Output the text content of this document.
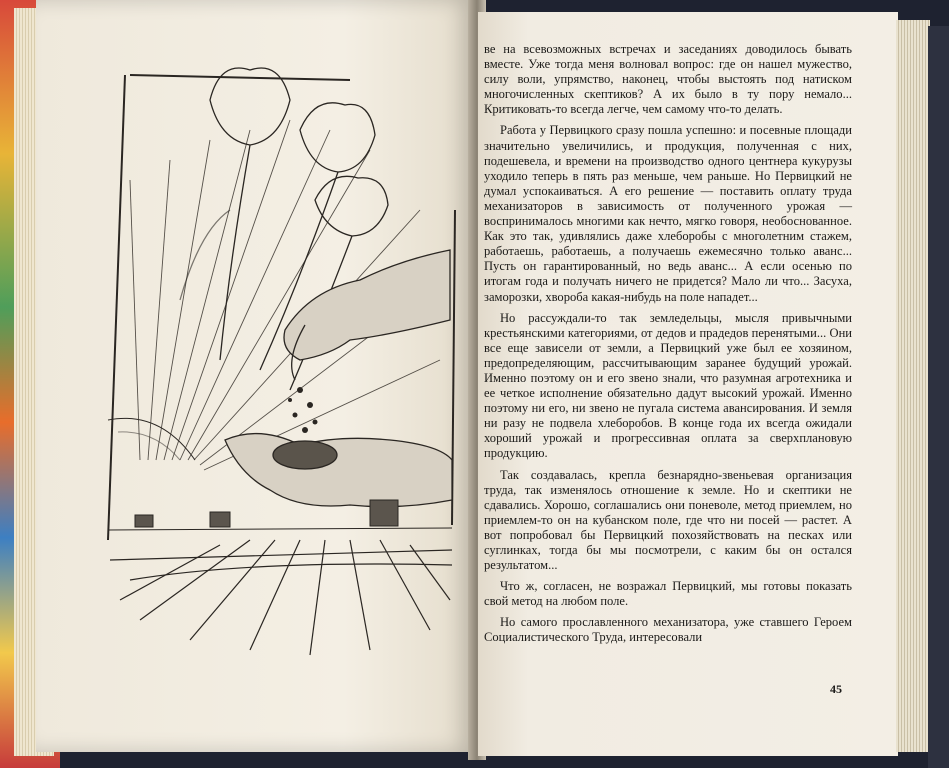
ве на всевозможных встречах и заседаниях доводилось бывать вместе. Уже тогда меня волновал вопрос: где он нашел мужество, силу воли, упрямство, наконец, чтобы выстоять под натиском многочисленных скептиков? А их было в ту пору немало... Критиковать-то всегда легче, чем самому что-то делать.

Работа у Первицкого сразу пошла успешно: и посевные площади значительно увеличились, и продукция, полученная с них, подешевела, и времени на производство одного центнера кукурузы уходило теперь в пять раз меньше, чем раньше. Но Первицкий не думал успокаиваться. А его решение — поставить оплату труда механизаторов в зависимость от полученного урожая — воспринималось многими как нечто, мягко говоря, необоснованное. Как это так, удивлялись даже хлеборобы с многолетним стажем, работаешь, работаешь, а получаешь ежемесячно только аванс... Пусть он гарантированный, но ведь аванс... А если осенью по итогам года и получать ничего не придется? Мало ли что... Засуха, заморозки, хвороба какая-нибудь на поле нападет...

Но рассуждали-то так земледельцы, мысля привычными крестьянскими категориями, от дедов и прадедов перенятыми... Они все еще зависели от земли, а Первицкий уже был ее хозяином, предопределяющим, рассчитывающим заранее будущий урожай. Именно поэтому он и его звено знали, что разумная агротехника и ее четкое исполнение обязательно дадут высокий урожай. Именно поэтому ни его, ни звено не пугала система авансирования. И земля ни разу не подвела хлеборобов. В конце года их всегда ожидали хороший урожай и прогрессивная оплата за сверхплановую продукцию.

Так создавалась, крепла безнарядно-звеньевая организация труда, так изменялось отношение к земле. Но и скептики не сдавались. Хорошо, соглашались они поневоле, метод приемлем, но приемлем-то он на кубанском поле, где что ни посей — растет. А вот попробовал бы Первицкий похозяйствовать на песках или суглинках, тогда бы мы посмотрели, с каким бы он остался результатом...

Что ж, согласен, не возражал Первицкий, мы готовы показать свой метод на любом поле.

Но самого прославленного механизатора, уже ставшего Героем Социалистического Труда, интересовали

45
